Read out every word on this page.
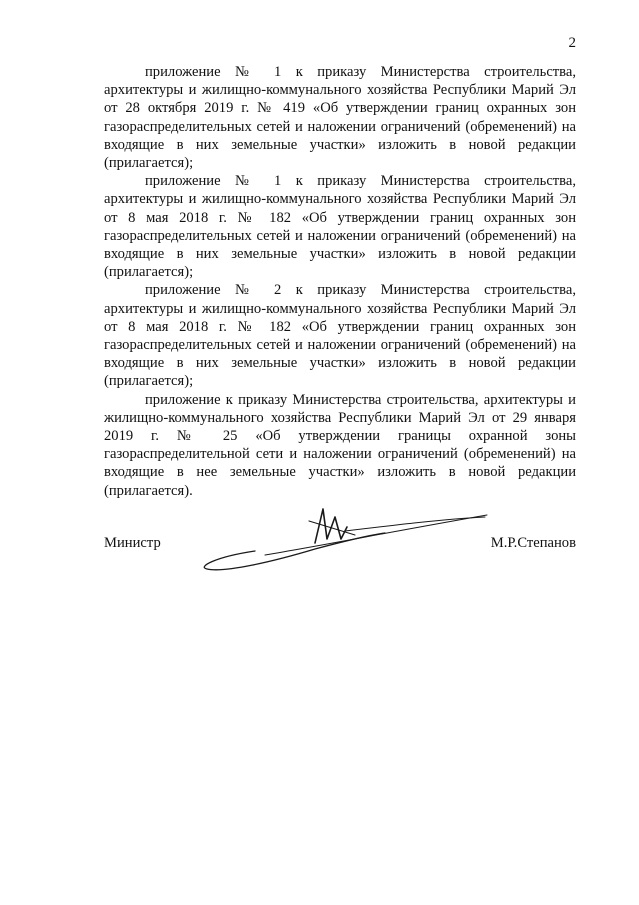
2

приложение № 1 к приказу Министерства строительства, архитектуры и жилищно-коммунального хозяйства Республики Марий Эл от 28 октября 2019 г. № 419 «Об утверждении границ охранных зон газораспределительных сетей и наложении ограничений (обременений) на входящие в них земельные участки» изложить в новой редакции (прилагается);

приложение № 1 к приказу Министерства строительства, архитектуры и жилищно-коммунального хозяйства Республики Марий Эл от 8 мая 2018 г. № 182 «Об утверждении границ охранных зон газораспределительных сетей и наложении ограничений (обременений) на входящие в них земельные участки» изложить в новой редакции (прилагается);

приложение № 2 к приказу Министерства строительства, архитектуры и жилищно-коммунального хозяйства Республики Марий Эл от 8 мая 2018 г. № 182 «Об утверждении границ охранных зон газораспределительных сетей и наложении ограничений (обременений) на входящие в них земельные участки» изложить в новой редакции (прилагается);

приложение к приказу Министерства строительства, архитектуры и жилищно-коммунального хозяйства Республики Марий Эл от 29 января 2019 г. № 25 «Об утверждении границы охранной зоны газораспределительной сети и наложении ограничений (обременений) на входящие в нее земельные участки» изложить в новой редакции (прилагается).

Министр	М.Р.Степанов
